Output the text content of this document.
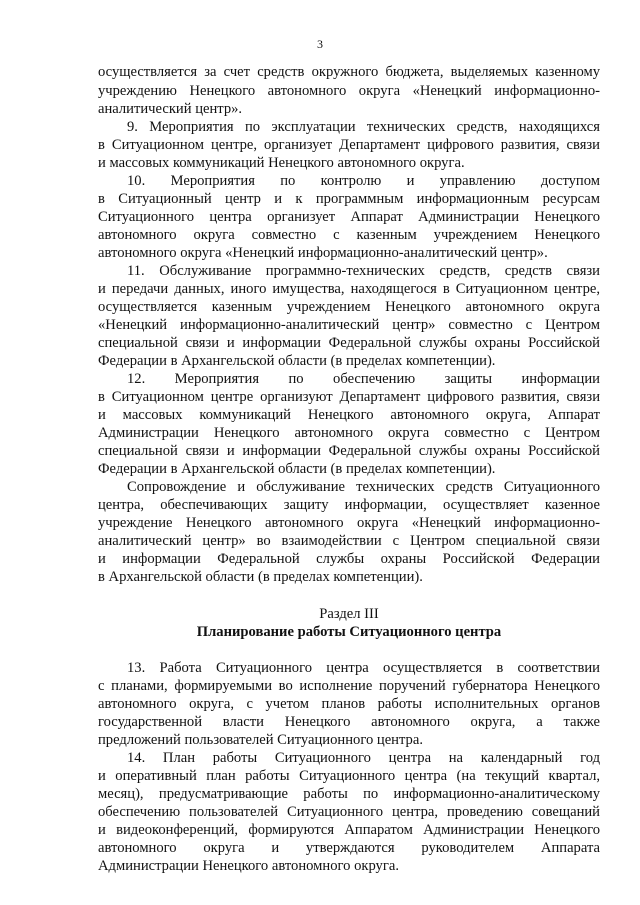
3
осуществляется за счет средств окружного бюджета, выделяемых казенному
учреждению Ненецкого автономного округа «Ненецкий информационно-
аналитический центр».
9. Мероприятия по эксплуатации технических средств, находящихся
в Ситуационном центре, организует Департамент цифрового развития, связи
и массовых коммуникаций Ненецкого автономного округа.
10. Мероприятия по контролю и управлению доступом
в Ситуационный центр и к программным информационным ресурсам
Ситуационного центра организует Аппарат Администрации Ненецкого
автономного округа совместно с казенным учреждением Ненецкого
автономного округа «Ненецкий информационно-аналитический центр».
11. Обслуживание программно-технических средств, средств связи
и передачи данных, иного имущества, находящегося в Ситуационном центре,
осуществляется казенным учреждением Ненецкого автономного округа
«Ненецкий информационно-аналитический центр» совместно с Центром
специальной связи и информации Федеральной службы охраны Российской
Федерации в Архангельской области (в пределах компетенции).
12. Мероприятия по обеспечению защиты информации
в Ситуационном центре организуют Департамент цифрового развития, связи
и массовых коммуникаций Ненецкого автономного округа, Аппарат
Администрации Ненецкого автономного округа совместно с Центром
специальной связи и информации Федеральной службы охраны Российской
Федерации в Архангельской области (в пределах компетенции).
Сопровождение и обслуживание технических средств Ситуационного
центра, обеспечивающих защиту информации, осуществляет казенное
учреждение Ненецкого автономного округа «Ненецкий информационно-
аналитический центр» во взаимодействии с Центром специальной связи
и информации Федеральной службы охраны Российской Федерации
в Архангельской области (в пределах компетенции).
Раздел III
Планирование работы Ситуационного центра
13. Работа Ситуационного центра осуществляется в соответствии
с планами, формируемыми во исполнение поручений губернатора Ненецкого
автономного округа, с учетом планов работы исполнительных органов
государственной власти Ненецкого автономного округа, а также
предложений пользователей Ситуационного центра.
14. План работы Ситуационного центра на календарный год
и оперативный план работы Ситуационного центра (на текущий квартал,
месяц), предусматривающие работы по информационно-аналитическому
обеспечению пользователей Ситуационного центра, проведению совещаний
и видеоконференций, формируются Аппаратом Администрации Ненецкого
автономного округа и утверждаются руководителем Аппарата
Администрации Ненецкого автономного округа.
